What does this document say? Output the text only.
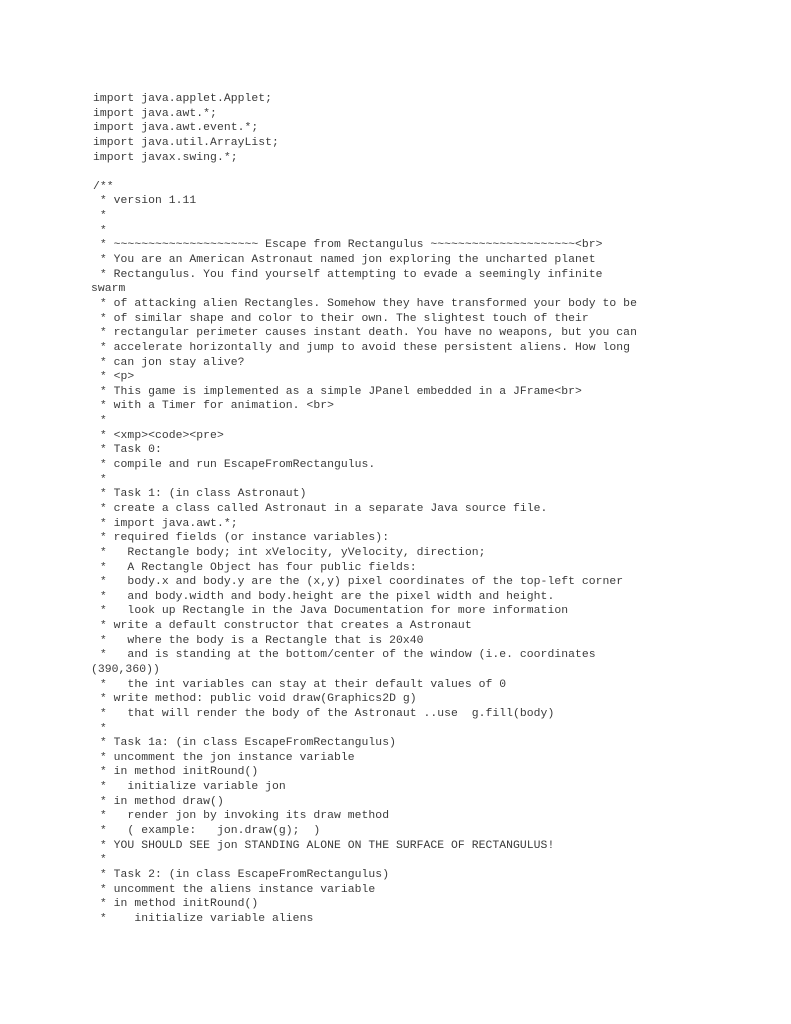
import java.applet.Applet;
import java.awt.*;
import java.awt.event.*;
import java.util.ArrayList;
import javax.swing.*;
/**
* version 1.11
*
*
* ~~~~~~~~~~~~~~~~~~~~~ Escape from Rectangulus ~~~~~~~~~~~~~~~~~~~~~<br>
* You are an American Astronaut named jon exploring the uncharted planet
* Rectangulus. You find yourself attempting to evade a seemingly infinite
swarm
* of attacking alien Rectangles. Somehow they have transformed your body to be
* of similar shape and color to their own. The slightest touch of their
* rectangular perimeter causes instant death. You have no weapons, but you can
* accelerate horizontally and jump to avoid these persistent aliens. How long
* can jon stay alive?
* <p>
* This game is implemented as a simple JPanel embedded in a JFrame<br>
* with a Timer for animation. <br>
*
* <xmp><code><pre>
* Task 0:
* compile and run EscapeFromRectangulus.
*
* Task 1: (in class Astronaut)
* create a class called Astronaut in a separate Java source file.
* import java.awt.*;
* required fields (or instance variables):
*   Rectangle body; int xVelocity, yVelocity, direction;
*   A Rectangle Object has four public fields:
*   body.x and body.y are the (x,y) pixel coordinates of the top-left corner
*   and body.width and body.height are the pixel width and height.
*   look up Rectangle in the Java Documentation for more information
* write a default constructor that creates a Astronaut
*   where the body is a Rectangle that is 20x40
*   and is standing at the bottom/center of the window (i.e. coordinates
(390,360))
*   the int variables can stay at their default values of 0
* write method: public void draw(Graphics2D g)
*   that will render the body of the Astronaut ..use  g.fill(body)
*
* Task 1a: (in class EscapeFromRectangulus)
* uncomment the jon instance variable
* in method initRound()
*   initialize variable jon
* in method draw()
*   render jon by invoking its draw method
*   ( example:   jon.draw(g);  )
* YOU SHOULD SEE jon STANDING ALONE ON THE SURFACE OF RECTANGULUS!
*
* Task 2: (in class EscapeFromRectangulus)
* uncomment the aliens instance variable
* in method initRound()
*    initialize variable aliens
